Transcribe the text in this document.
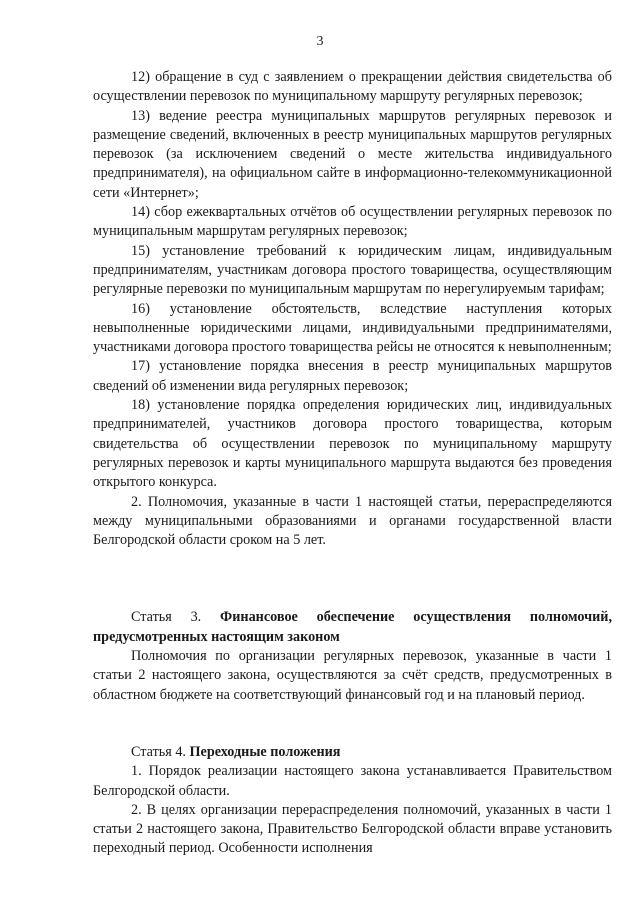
3

12) обращение в суд с заявлением о прекращении действия свидетельства об осуществлении перевозок по муниципальному маршруту регулярных перевозок;

13) ведение реестра муниципальных маршрутов регулярных перевозок и размещение сведений, включенных в реестр муниципальных маршрутов регулярных перевозок (за исключением сведений о месте жительства индивидуального предпринимателя), на официальном сайте в информационно-телекоммуникационной сети «Интернет»;

14) сбор ежеквартальных отчётов об осуществлении регулярных перевозок по муниципальным маршрутам регулярных перевозок;

15) установление требований к юридическим лицам, индивидуальным предпринимателям, участникам договора простого товарищества, осуществляющим регулярные перевозки по муниципальным маршрутам по нерегулируемым тарифам;

16) установление обстоятельств, вследствие наступления которых невыполненные юридическими лицами, индивидуальными предпринимателями, участниками договора простого товарищества рейсы не относятся к невыполненным;

17) установление порядка внесения в реестр муниципальных маршрутов сведений об изменении вида регулярных перевозок;

18) установление порядка определения юридических лиц, индивидуальных предпринимателей, участников договора простого товарищества, которым свидетельства об осуществлении перевозок по муниципальному маршруту регулярных перевозок и карты муниципального маршрута выдаются без проведения открытого конкурса.

2. Полномочия, указанные в части 1 настоящей статьи, перераспределяются между муниципальными образованиями и органами государственной власти Белгородской области сроком на 5 лет.

Статья 3. Финансовое обеспечение осуществления полномочий, предусмотренных настоящим законом

Полномочия по организации регулярных перевозок, указанные в части 1 статьи 2 настоящего закона, осуществляются за счёт средств, предусмотренных в областном бюджете на соответствующий финансовый год и на плановый период.

Статья 4. Переходные положения

1. Порядок реализации настоящего закона устанавливается Правительством Белгородской области.

2. В целях организации перераспределения полномочий, указанных в части 1 статьи 2 настоящего закона, Правительство Белгородской области вправе установить переходный период. Особенности исполнения
